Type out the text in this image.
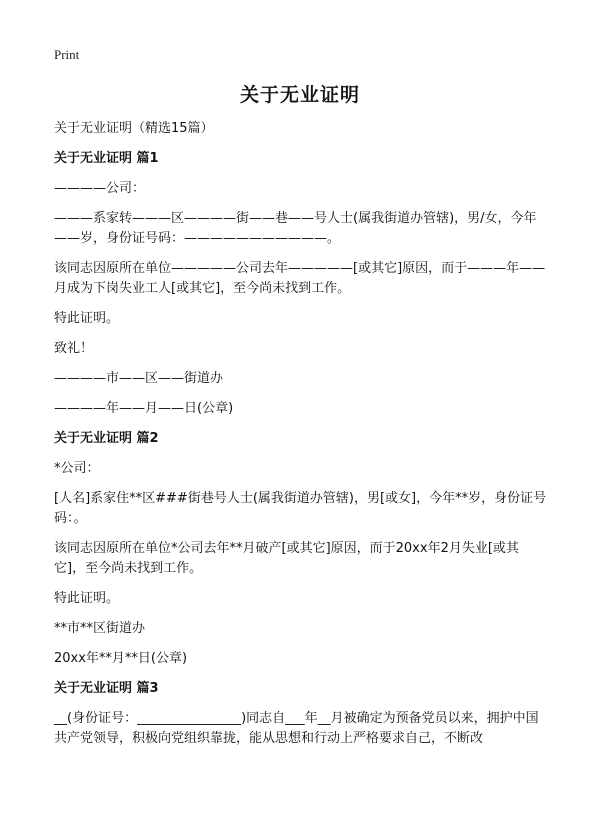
Print
关于无业证明
关于无业证明（精选15篇）
关于无业证明 篇1
————公司：
———系家转———区————街——巷——号人士(属我街道办管辖)，男/女，今年——岁，身份证号码：———————————。
该同志因原所在单位—————公司去年—————[或其它]原因，而于———年——月成为下岗失业工人[或其它]，至今尚未找到工作。
特此证明。
致礼！
————市——区——街道办
————年——月——日(公章)
关于无业证明 篇2
*公司：
[人名]系家住**区###街巷号人士(属我街道办管辖)，男[或女]，今年**岁，身份证号码：。
该同志因原所在单位*公司去年**月破产[或其它]原因，而于20xx年2月失业[或其它]，至今尚未找到工作。
特此证明。
**市**区街道办
20xx年**月**日(公章)
关于无业证明 篇3
__(身份证号：________________)同志自___年__月被确定为预备党员以来，拥护中国共产党领导，积极向党组织靠拢，能从思想和行动上严格要求自己，不断改
